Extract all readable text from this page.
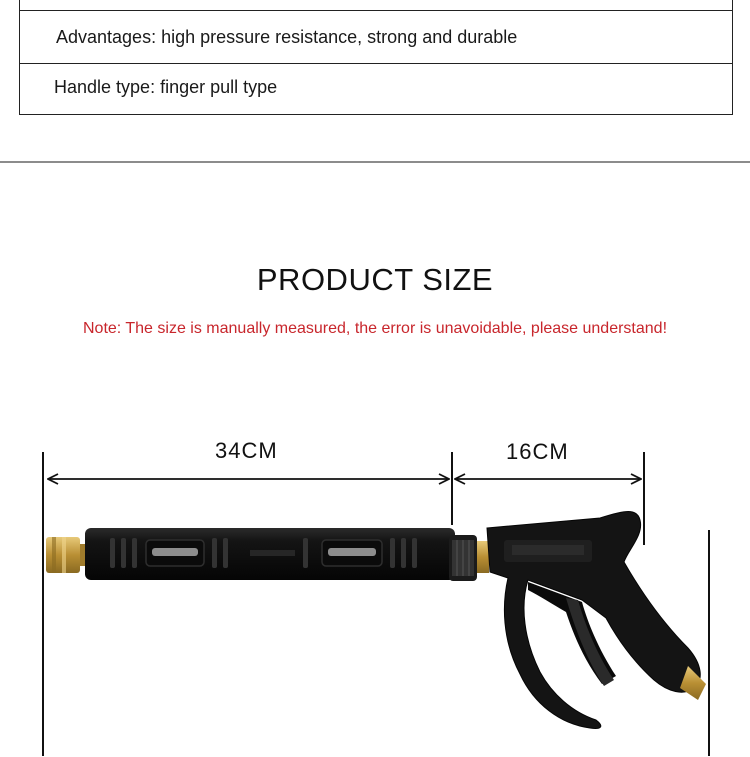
Advantages: high pressure resistance, strong and durable
Handle type: finger pull type
PRODUCT SIZE
Note: The size is manually measured, the error is unavoidable, please understand!
34CM	16CM
